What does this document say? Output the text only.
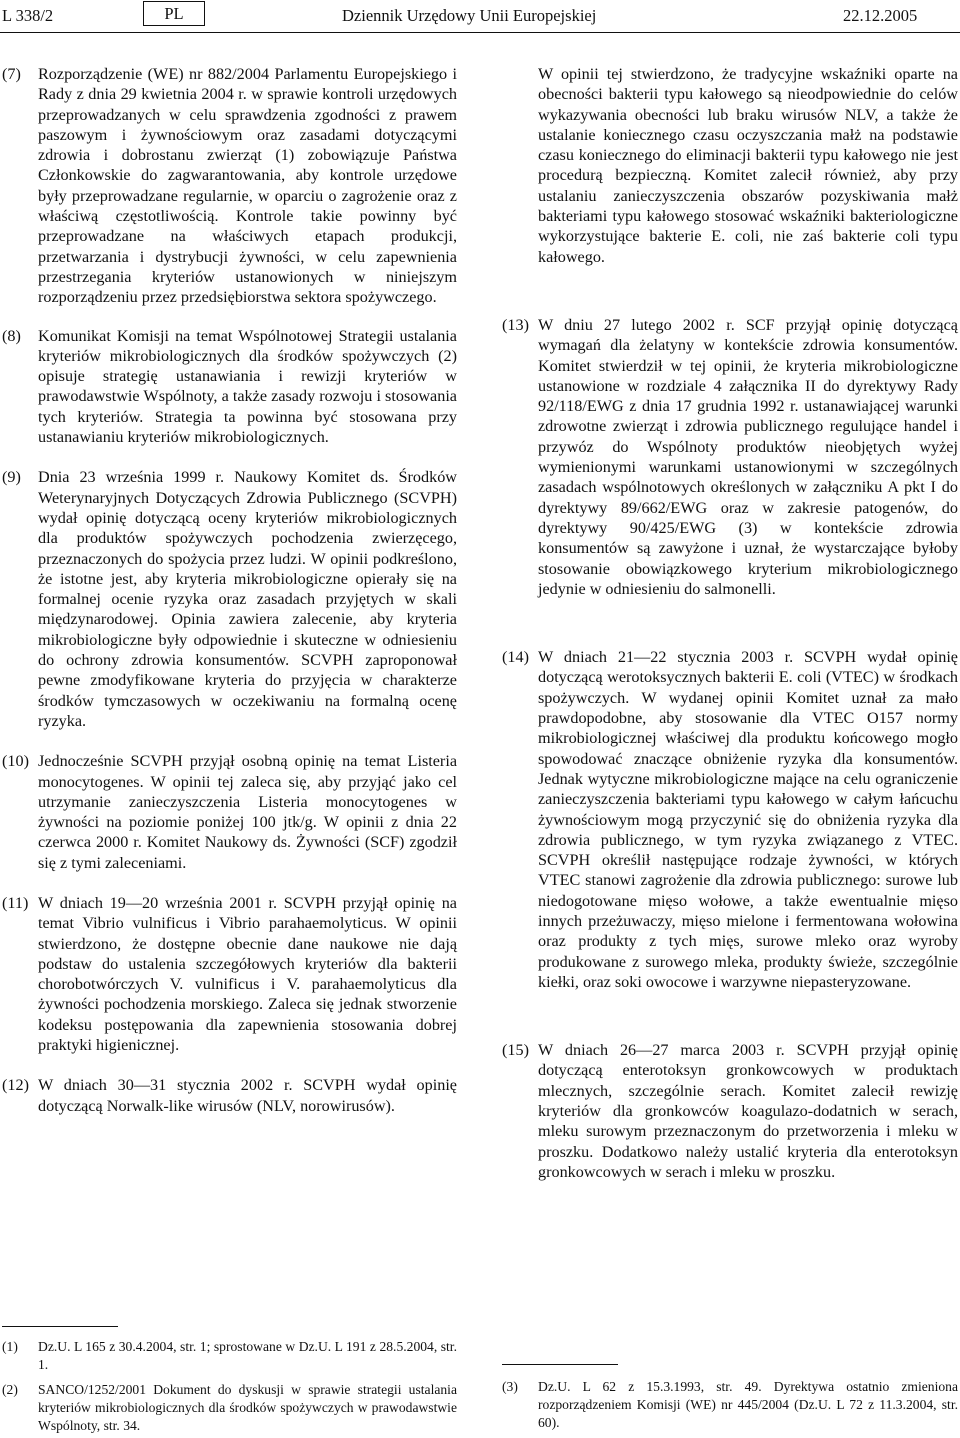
L 338/2	PL	Dziennik Urzędowy Unii Europejskiej	22.12.2005
(7) Rozporządzenie (WE) nr 882/2004 Parlamentu Europejskiego i Rady z dnia 29 kwietnia 2004 r. w sprawie kontroli urzędowych przeprowadzanych w celu sprawdzenia zgodności z prawem paszowym i żywnościowym oraz zasadami dotyczącymi zdrowia i dobrostanu zwierząt (1) zobowiązuje Państwa Członkowskie do zagwarantowania, aby kontrole urzędowe były przeprowadzane regularnie, w oparciu o zagrożenie oraz z właściwą częstotliwością. Kontrole takie powinny być przeprowadzane na właściwych etapach produkcji, przetwarzania i dystrybucji żywności, w celu zapewnienia przestrzegania kryteriów ustanowionych w niniejszym rozporządzeniu przez przedsiębiorstwa sektora spożywczego.
(8) Komunikat Komisji na temat Wspólnotowej Strategii ustalania kryteriów mikrobiologicznych dla środków spożywczych (2) opisuje strategię ustanawiania i rewizji kryteriów w prawodawstwie Wspólnoty, a także zasady rozwoju i stosowania tych kryteriów. Strategia ta powinna być stosowana przy ustanawianiu kryteriów mikrobiologicznych.
(9) Dnia 23 września 1999 r. Naukowy Komitet ds. Środków Weterynaryjnych Dotyczących Zdrowia Publicznego (SCVPH) wydał opinię dotyczącą oceny kryteriów mikrobiologicznych dla produktów spożywczych pochodzenia zwierzęcego, przeznaczonych do spożycia przez ludzi. W opinii podkreślono, że istotne jest, aby kryteria mikrobiologiczne opierały się na formalnej ocenie ryzyka oraz zasadach przyjętych w skali międzynarodowej. Opinia zawiera zalecenie, aby kryteria mikrobiologiczne były odpowiednie i skuteczne w odniesieniu do ochrony zdrowia konsumentów. SCVPH zaproponował pewne zmodyfikowane kryteria do przyjęcia w charakterze środków tymczasowych w oczekiwaniu na formalną ocenę ryzyka.
(10) Jednocześnie SCVPH przyjął osobną opinię na temat Listeria monocytogenes. W opinii tej zaleca się, aby przyjąć jako cel utrzymanie zanieczyszczenia Listeria monocytogenes w żywności na poziomie poniżej 100 jtk/g. W opinii z dnia 22 czerwca 2000 r. Komitet Naukowy ds. Żywności (SCF) zgodził się z tymi zaleceniami.
(11) W dniach 19—20 września 2001 r. SCVPH przyjął opinię na temat Vibrio vulnificus i Vibrio parahaemolyticus. W opinii stwierdzono, że dostępne obecnie dane naukowe nie dają podstaw do ustalenia szczegółowych kryteriów dla bakterii chorobotwórczych V. vulnificus i V. parahaemolyticus dla żywności pochodzenia morskiego. Zaleca się jednak stworzenie kodeksu postępowania dla zapewnienia stosowania dobrej praktyki higienicznej.
(12) W dniach 30—31 stycznia 2002 r. SCVPH wydał opinię dotyczącą Norwalk-like wirusów (NLV, norowirusów).
W opinii tej stwierdzono, że tradycyjne wskaźniki oparte na obecności bakterii typu kałowego są nieodpowiednie do celów wykazywania obecności lub braku wirusów NLV, a także że ustalanie koniecznego czasu oczyszczania małż na podstawie czasu koniecznego do eliminacji bakterii typu kałowego nie jest procedurą bezpieczną. Komitet zalecił również, aby przy ustalaniu zanieczyszczenia obszarów pozyskiwania małż bakteriami typu kałowego stosować wskaźniki bakteriologiczne wykorzystujące bakterie E. coli, nie zaś bakterie coli typu kałowego.
(13) W dniu 27 lutego 2002 r. SCF przyjął opinię dotyczącą wymagań dla żelatyny w kontekście zdrowia konsumentów. Komitet stwierdził w tej opinii, że kryteria mikrobiologiczne ustanowione w rozdziale 4 załącznika II do dyrektywy Rady 92/118/EWG z dnia 17 grudnia 1992 r. ustanawiającej warunki zdrowotne zwierząt i zdrowia publicznego regulujące handel i przywóz do Wspólnoty produktów nieobjętych wyżej wymienionymi warunkami ustanowionymi w szczególnych zasadach wspólnotowych określonych w załączniku A pkt I do dyrektywy 89/662/EWG oraz w zakresie patogenów, do dyrektywy 90/425/EWG (3) w kontekście zdrowia konsumentów są zawyżone i uznał, że wystarczające byłoby stosowanie obowiązkowego kryterium mikrobiologicznego jedynie w odniesieniu do salmonelli.
(14) W dniach 21—22 stycznia 2003 r. SCVPH wydał opinię dotyczącą werotoksycznych bakterii E. coli (VTEC) w środkach spożywczych. W wydanej opinii Komitet uznał za mało prawdopodobne, aby stosowanie dla VTEC O157 normy mikrobiologicznej właściwej dla produktu końcowego mogło spowodować znaczące obniżenie ryzyka dla konsumentów. Jednak wytyczne mikrobiologiczne mające na celu ograniczenie zanieczyszczenia bakteriami typu kałowego w całym łańcuchu żywnościowym mogą przyczynić się do obniżenia ryzyka dla zdrowia publicznego, w tym ryzyka związanego z VTEC. SCVPH określił następujące rodzaje żywności, w których VTEC stanowi zagrożenie dla zdrowia publicznego: surowe lub niedogotowane mięso wołowe, a także ewentualnie mięso innych przeżuwaczy, mięso mielone i fermentowana wołowina oraz produkty z tych mięs, surowe mleko oraz wyroby produkowane z surowego mleka, produkty świeże, szczególnie kiełki, oraz soki owocowe i warzywne niepasteryzowane.
(15) W dniach 26—27 marca 2003 r. SCVPH przyjął opinię dotyczącą enterotoksyn gronkowcowych w produktach mlecznych, szczególnie serach. Komitet zalecił rewizję kryteriów dla gronkowców koagulazo-dodatnich w serach, mleku surowym przeznaczonym do przetworzenia i mleku w proszku. Dodatkowo należy ustalić kryteria dla enterotoksyn gronkowcowych w serach i mleku w proszku.
(1) Dz.U. L 165 z 30.4.2004, str. 1; sprostowane w Dz.U. L 191 z 28.5.2004, str. 1.
(2) SANCO/1252/2001 Dokument do dyskusji w sprawie strategii ustalania kryteriów mikrobiologicznych dla środków spożywczych w prawodawstwie Wspólnoty, str. 34.
(3) Dz.U. L 62 z 15.3.1993, str. 49. Dyrektywa ostatnio zmieniona rozporządzeniem Komisji (WE) nr 445/2004 (Dz.U. L 72 z 11.3.2004, str. 60).
